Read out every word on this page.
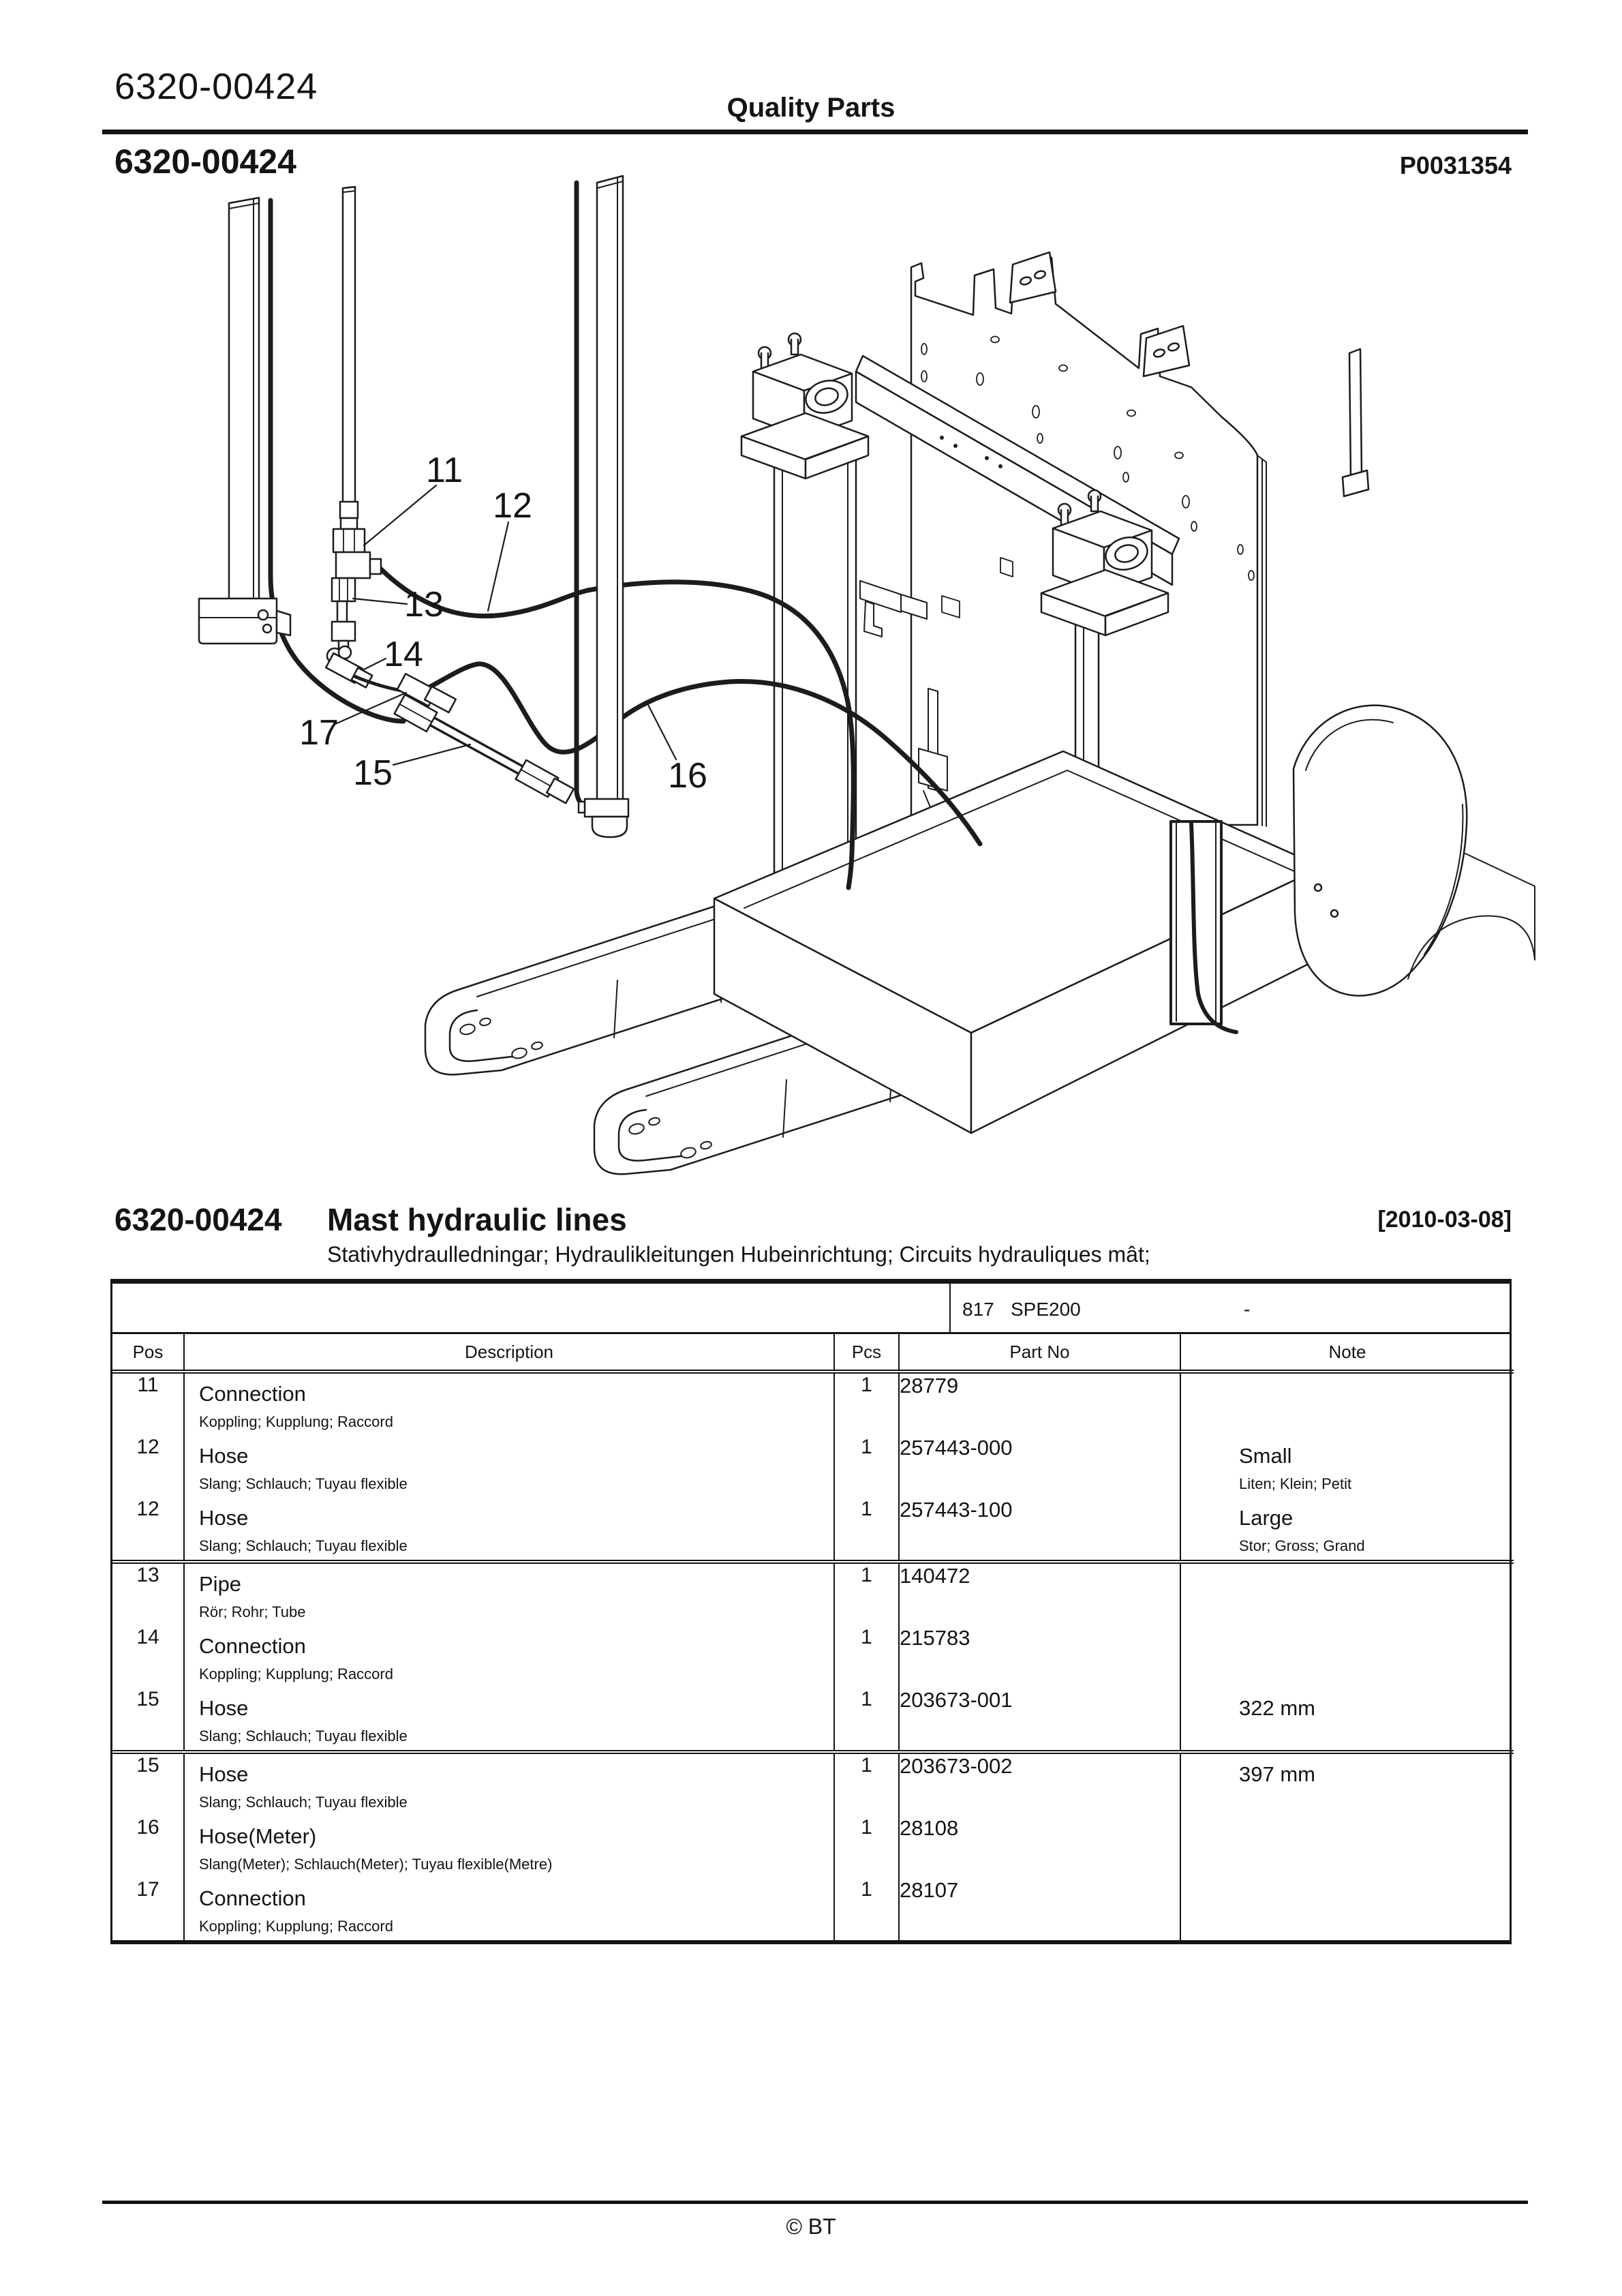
6320-00424
Quality Parts
6320-00424	P0031354
11
12
13
14
15	16
17
6320-00424 Mast hydraulic lines	[2010-03-08]
Stativhydraulledningar; Hydraulikleitungen Hubeinrichtung; Circuits hydrauliques mât;
817 SPE200	-
Pos	Description	Pcs	Part No	Note
11	Connection
Koppling; Kupplung; Raccord	1	28779	

12	Hose
Slang; Schlauch; Tuyau flexible
	1	257443-000	Small
Liten; Klein; Petit

12	Hose
Slang; Schlauch; Tuyau flexible
	1	257443-100	Large
Stor; Gross; Grand

13	Pipe
Rör; Rohr; Tube	1	140472	

14	Connection
Koppling; Kupplung; Raccord	1	215783	

15	Hose
Slang; Schlauch; Tuyau flexible	1	203673-001	322 mm

15	Hose
Slang; Schlauch; Tuyau flexible	1	203673-002	397 mm

16	Hose(Meter)
Slang(Meter); Schlauch(Meter); Tuyau flexible(Metre)	1	28108	

17	Connection
Koppling; Kupplung; Raccord	1	28107	
© BT
